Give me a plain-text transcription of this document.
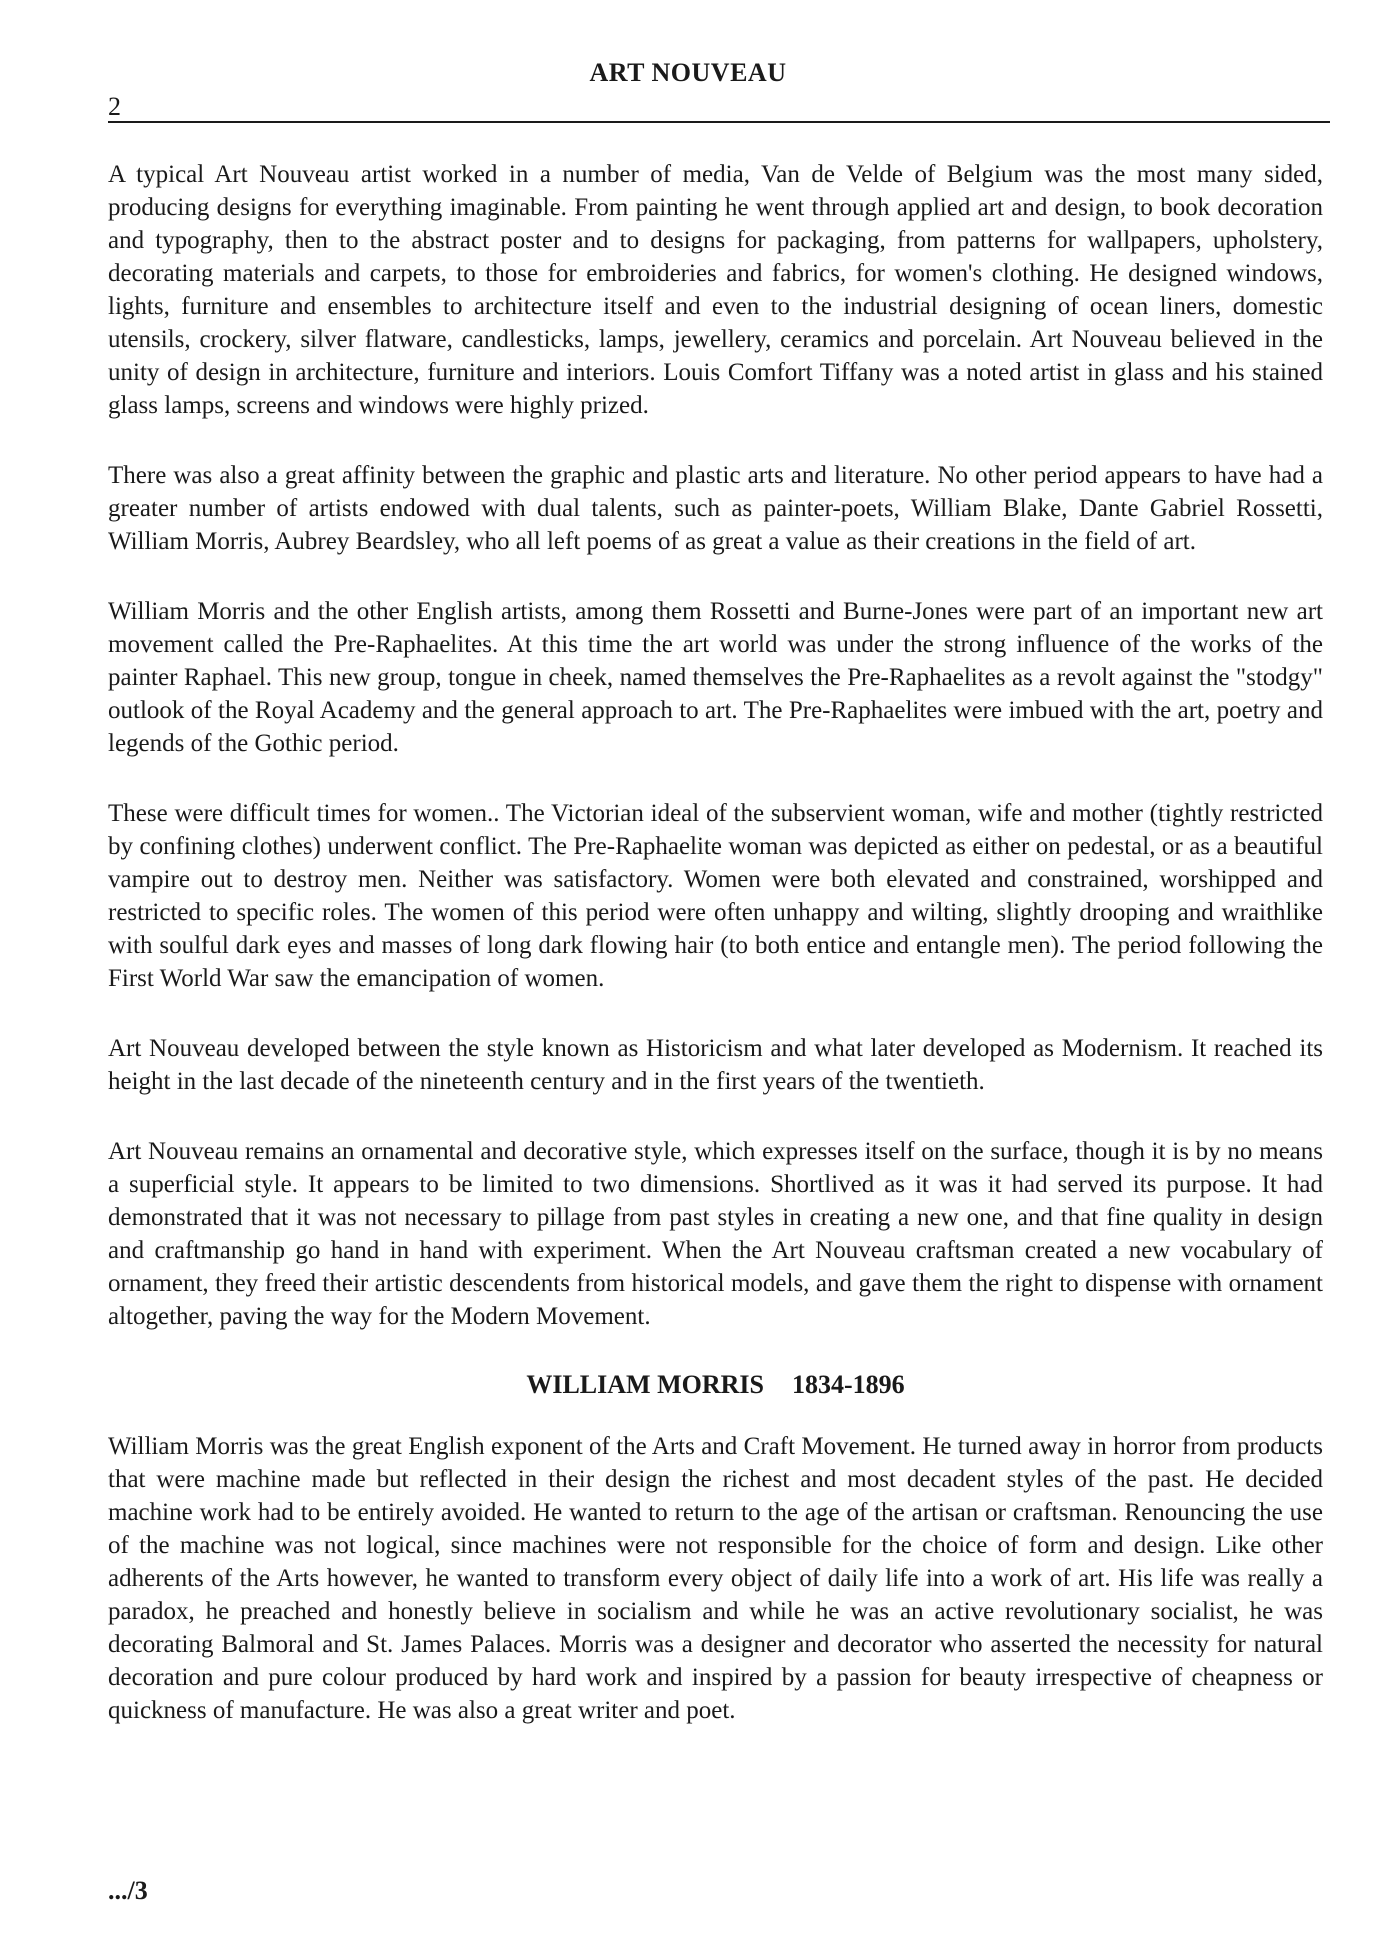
ART NOUVEAU
2

A typical Art Nouveau artist worked in a number of media, Van de Velde of Belgium was the most many sided, producing designs for everything imaginable. From painting he went through applied art and design, to book decoration and typography, then to the abstract poster and to designs for packaging, from patterns for wallpapers, upholstery, decorating materials and carpets, to those for embroideries and fabrics, for women's clothing. He designed windows, lights, furniture and ensembles to architecture itself and even to the industrial designing of ocean liners, domestic utensils, crockery, silver flatware, candlesticks, lamps, jewellery, ceramics and porcelain. Art Nouveau believed in the unity of design in architecture, furniture and interiors. Louis Comfort Tiffany was a noted artist in glass and his stained glass lamps, screens and windows were highly prized.

There was also a great affinity between the graphic and plastic arts and literature. No other period appears to have had a greater number of artists endowed with dual talents, such as painter-poets, William Blake, Dante Gabriel Rossetti, William Morris, Aubrey Beardsley, who all left poems of as great a value as their creations in the field of art.

William Morris and the other English artists, among them Rossetti and Burne-Jones were part of an important new art movement called the Pre-Raphaelites. At this time the art world was under the strong influence of the works of the painter Raphael. This new group, tongue in cheek, named themselves the Pre-Raphaelites as a revolt against the "stodgy" outlook of the Royal Academy and the general approach to art. The Pre-Raphaelites were imbued with the art, poetry and legends of the Gothic period.

These were difficult times for women.. The Victorian ideal of the subservient woman, wife and mother (tightly restricted by confining clothes) underwent conflict. The Pre-Raphaelite woman was depicted as either on pedestal, or as a beautiful vampire out to destroy men. Neither was satisfactory. Women were both elevated and constrained, worshipped and restricted to specific roles. The women of this period were often unhappy and wilting, slightly drooping and wraithlike with soulful dark eyes and masses of long dark flowing hair (to both entice and entangle men). The period following the First World War saw the emancipation of women.

Art Nouveau developed between the style known as Historicism and what later developed as Modernism. It reached its height in the last decade of the nineteenth century and in the first years of the twentieth.

Art Nouveau remains an ornamental and decorative style, which expresses itself on the surface, though it is by no means a superficial style. It appears to be limited to two dimensions. Shortlived as it was it had served its purpose. It had demonstrated that it was not necessary to pillage from past styles in creating a new one, and that fine quality in design and craftmanship go hand in hand with experiment. When the Art Nouveau craftsman created a new vocabulary of ornament, they freed their artistic descendents from historical models, and gave them the right to dispense with ornament altogether, paving the way for the Modern Movement.

WILLIAM MORRIS 1834-1896

William Morris was the great English exponent of the Arts and Craft Movement. He turned away in horror from products that were machine made but reflected in their design the richest and most decadent styles of the past. He decided machine work had to be entirely avoided. He wanted to return to the age of the artisan or craftsman. Renouncing the use of the machine was not logical, since machines were not responsible for the choice of form and design. Like other adherents of the Arts however, he wanted to transform every object of daily life into a work of art. His life was really a paradox, he preached and honestly believe in socialism and while he was an active revolutionary socialist, he was decorating Balmoral and St. James Palaces. Morris was a designer and decorator who asserted the necessity for natural decoration and pure colour produced by hard work and inspired by a passion for beauty irrespective of cheapness or quickness of manufacture. He was also a great writer and poet.

.../3
